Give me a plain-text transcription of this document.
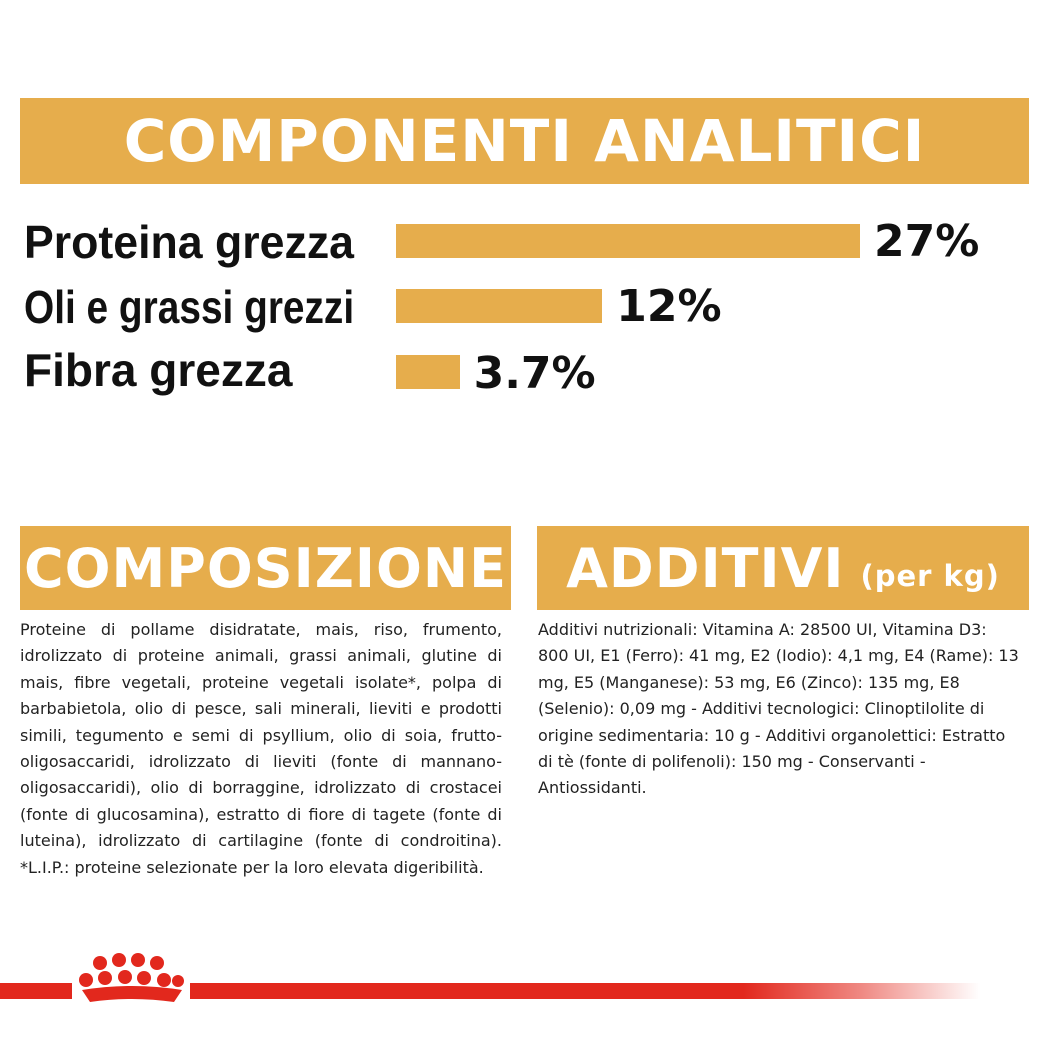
COMPONENTI ANALITICI
Proteina grezza	27%
Oli e grassi grezzi	12%
Fibra grezza	3.7%
COMPOSIZIONE
Proteine di pollame disidratate, mais, riso, frumento, idrolizzato di proteine animali, grassi animali, glutine di mais, fibre vegetali, proteine vegetali isolate*, polpa di barbabietola, olio di pesce, sali minerali, lieviti e prodotti simili, tegumento e semi di psyllium, olio di soia, frutto-oligosaccaridi, idrolizzato di lieviti (fonte di mannano-oligosaccaridi), olio di borraggine, idrolizzato di crostacei (fonte di glucosamina), estratto di fiore di tagete (fonte di luteina), idrolizzato di cartilagine (fonte di condroitina). *L.I.P.: proteine selezionate per la loro elevata digeribilità.
ADDITIVI (per kg)
Additivi nutrizionali: Vitamina A: 28500 UI, Vitamina D3: 800 UI, E1 (Ferro): 41 mg, E2 (Iodio): 4,1 mg, E4 (Rame): 13 mg, E5 (Manganese): 53 mg, E6 (Zinco): 135 mg, E8 (Selenio): 0,09 mg - Additivi tecnologici: Clinoptilolite di origine sedimentaria: 10 g - Additivi organolettici: Estratto di tè (fonte di polifenoli): 150 mg - Conservanti - Antiossidanti.
